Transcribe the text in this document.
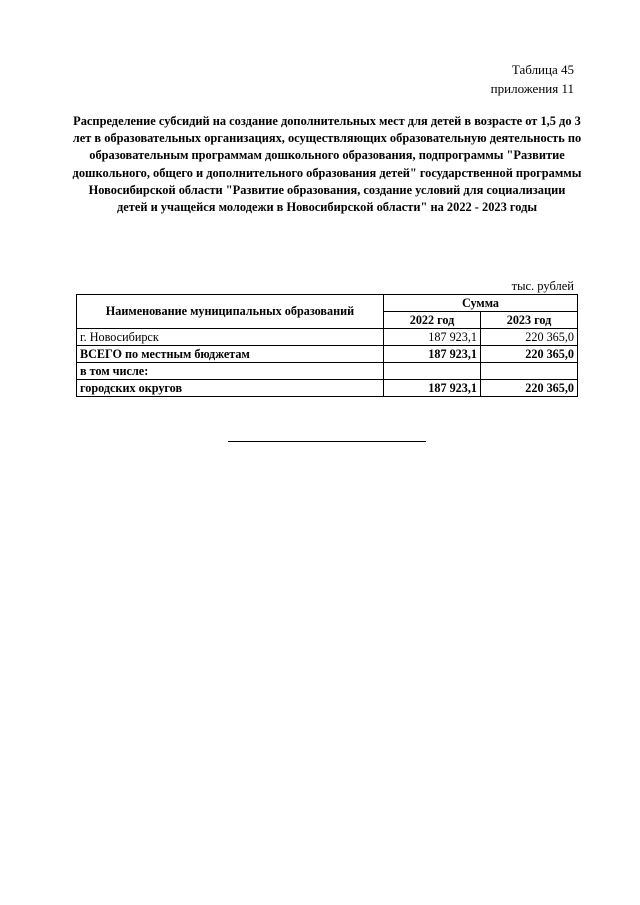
Таблица 45
приложения 11
Распределение субсидий на создание дополнительных мест для детей в возрасте от 1,5 до 3 лет в образовательных организациях, осуществляющих образовательную деятельность по образовательным программам дошкольного образования, подпрограммы "Развитие дошкольного, общего и дополнительного образования детей" государственной программы Новосибирской области "Развитие образования, создание условий для социализации детей и учащейся молодежи в Новосибирской области" на 2022 - 2023 годы
тыс. рублей
Наименование муниципальных образований	Сумма	
	2022 год	2023 год
г. Новосибирск	187 923,1	220 365,0
ВСЕГО по местным бюджетам	187 923,1	220 365,0
в том числе:		
городских округов	187 923,1	220 365,0
